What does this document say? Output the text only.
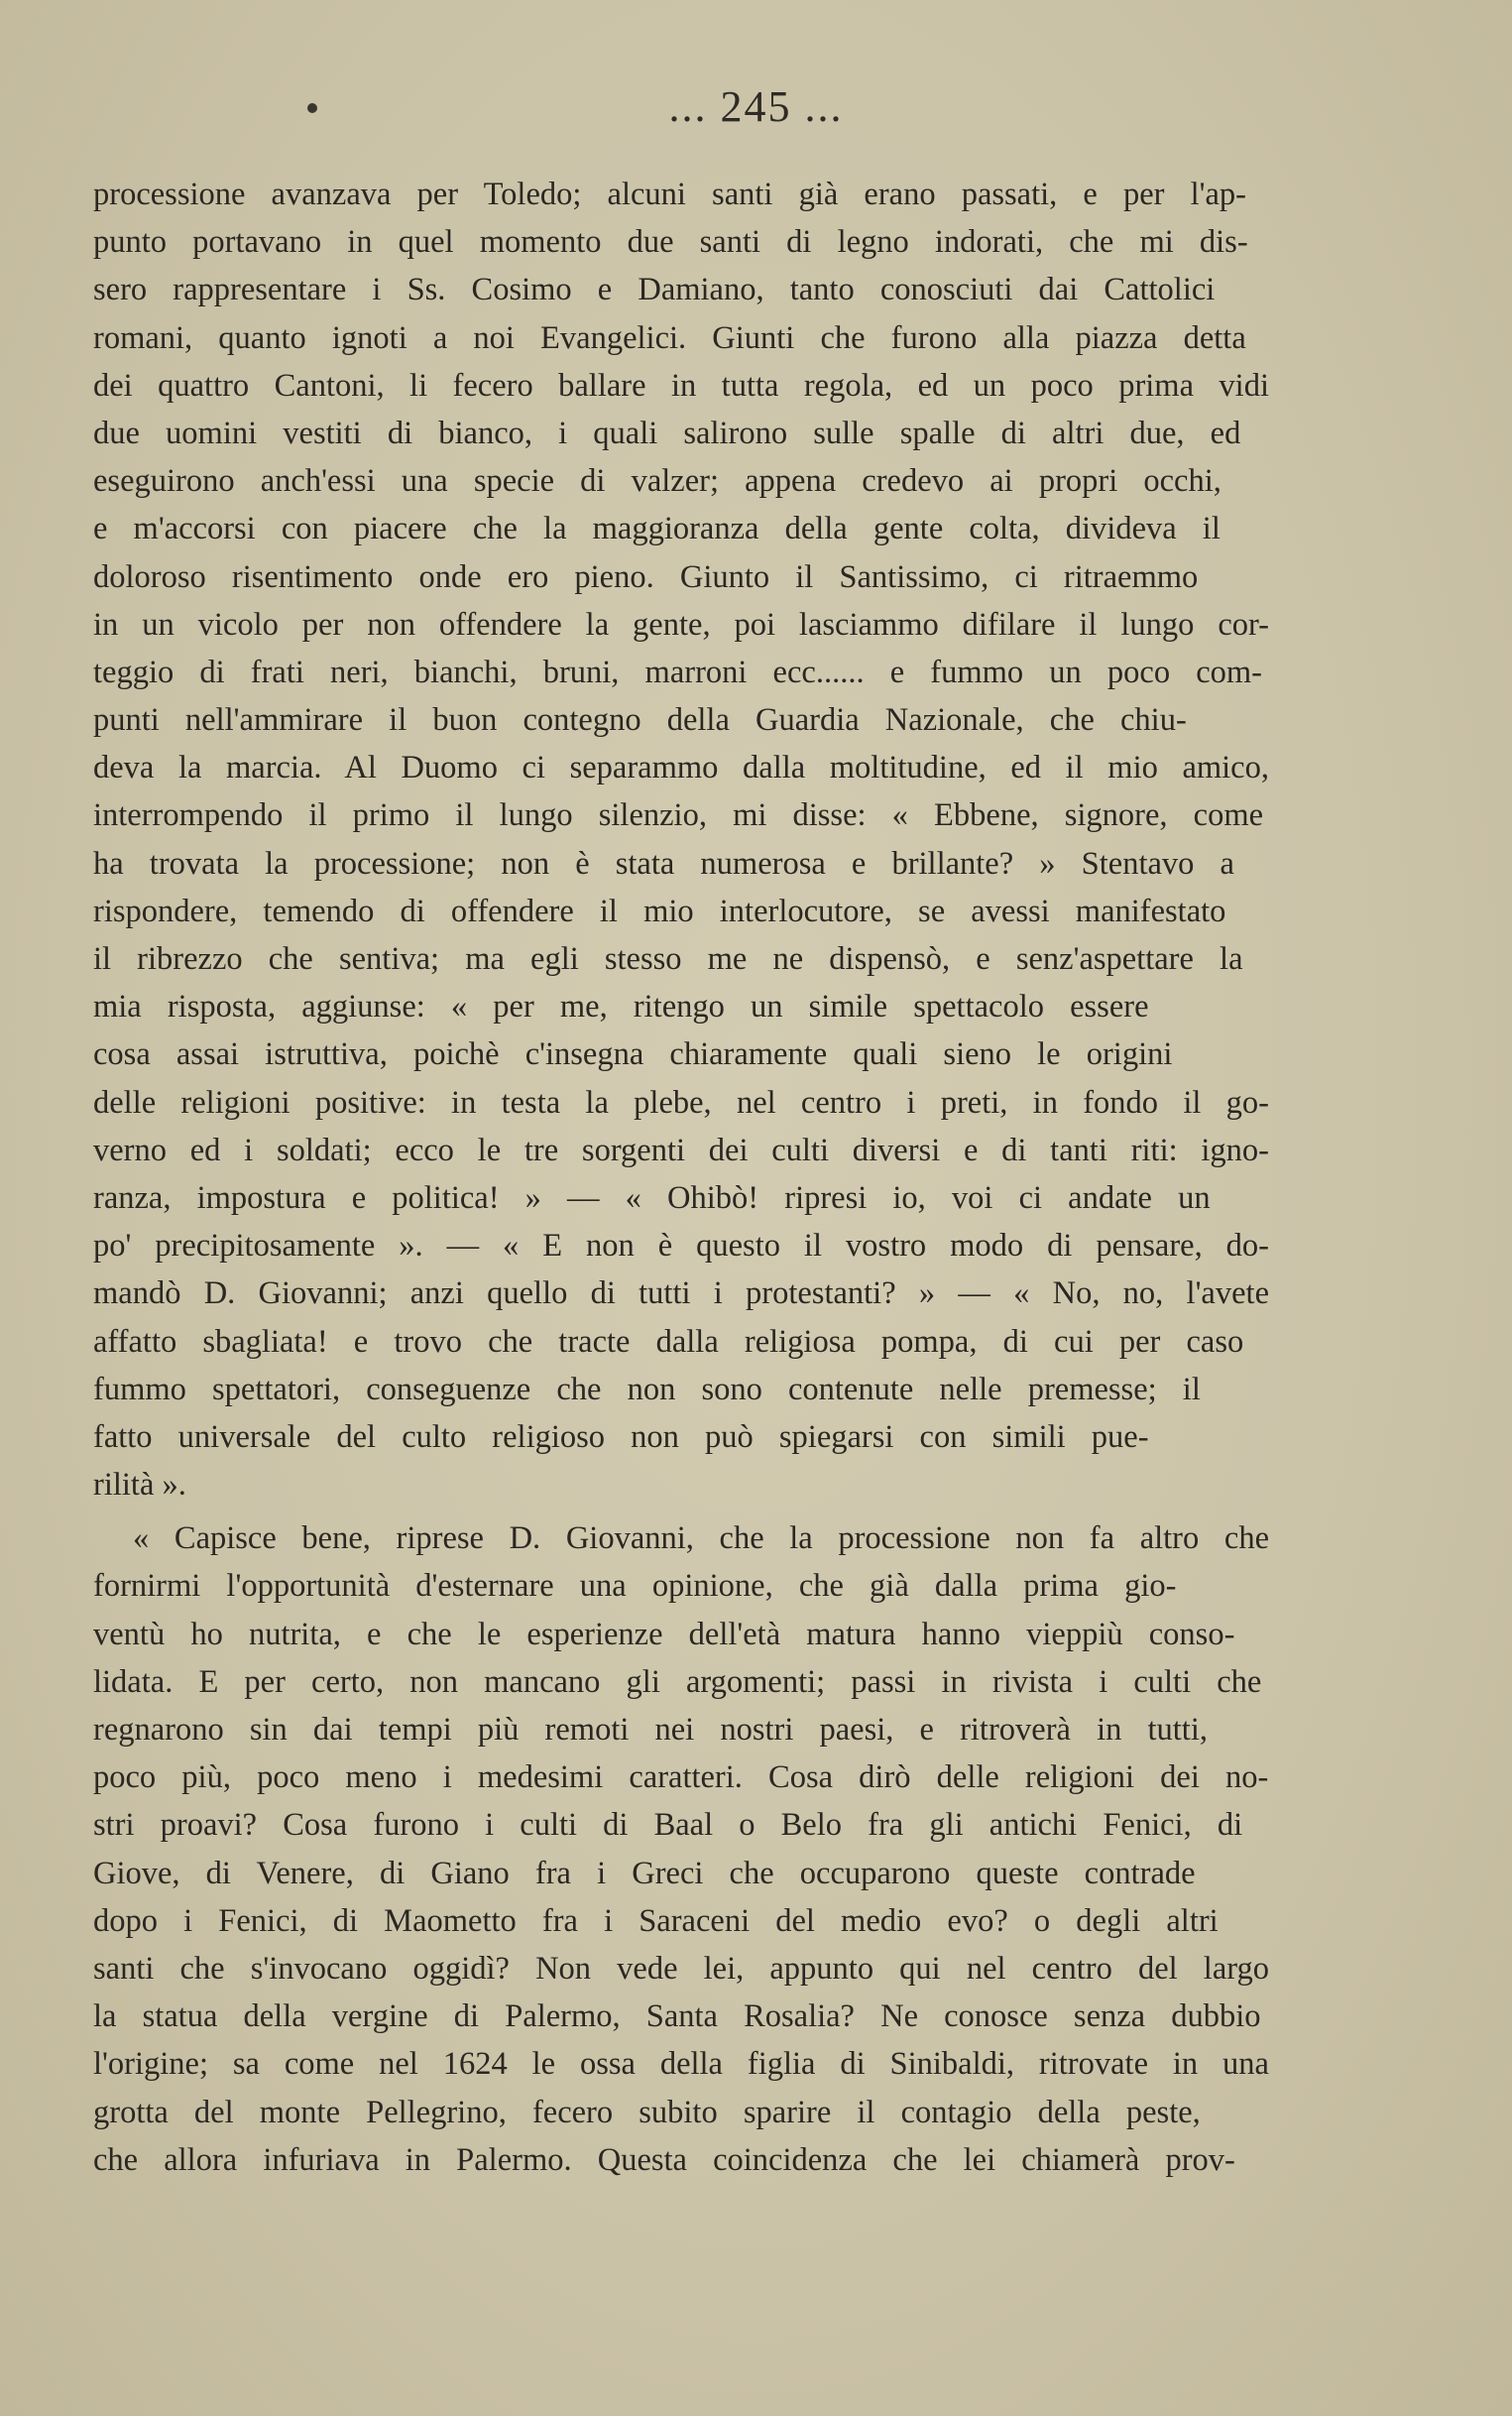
... 245 ...
processione avanzava per Toledo; alcuni santi già erano passati, e per l'ap-
punto portavano in quel momento due santi di legno indorati, che mi dis-
sero rappresentare i Ss. Cosimo e Damiano, tanto conosciuti dai Cattolici
romani, quanto ignoti a noi Evangelici. Giunti che furono alla piazza detta
dei quattro Cantoni, li fecero ballare in tutta regola, ed un poco prima vidi
due uomini vestiti di bianco, i quali salirono sulle spalle di altri due, ed
eseguirono anch'essi una specie di valzer; appena credevo ai propri occhi,
e m'accorsi con piacere che la maggioranza della gente colta, divideva il
doloroso risentimento onde ero pieno. Giunto il Santissimo, ci ritraemmo
in un vicolo per non offendere la gente, poi lasciammo difilare il lungo cor-
teggio di frati neri, bianchi, bruni, marroni ecc...... e fummo un poco com-
punti nell'ammirare il buon contegno della Guardia Nazionale, che chiu-
deva la marcia. Al Duomo ci separammo dalla moltitudine, ed il mio amico,
interrompendo il primo il lungo silenzio, mi disse: « Ebbene, signore, come
ha trovata la processione; non è stata numerosa e brillante? » Stentavo a
rispondere, temendo di offendere il mio interlocutore, se avessi manifestato
il ribrezzo che sentiva; ma egli stesso me ne dispensò, e senz'aspettare la
mia risposta, aggiunse: « per me, ritengo un simile spettacolo essere
cosa assai istruttiva, poichè c'insegna chiaramente quali sieno le origini
delle religioni positive: in testa la plebe, nel centro i preti, in fondo il go-
verno ed i soldati; ecco le tre sorgenti dei culti diversi e di tanti riti: igno-
ranza, impostura e politica! » — « Ohibò! ripresi io, voi ci andate un
po' precipitosamente ». — « E non è questo il vostro modo di pensare, do-
mandò D. Giovanni; anzi quello di tutti i protestanti? » — « No, no, l'avete
affatto sbagliata! e trovo che tracte dalla religiosa pompa, di cui per caso
fummo spettatori, conseguenze che non sono contenute nelle premesse; il
fatto universale del culto religioso non può spiegarsi con simili pue-
rilità ».
« Capisce bene, riprese D. Giovanni, che la processione non fa altro che
fornirmi l'opportunità d'esternare una opinione, che già dalla prima gio-
ventù ho nutrita, e che le esperienze dell'età matura hanno vieppiù conso-
lidata. E per certo, non mancano gli argomenti; passi in rivista i culti che
regnarono sin dai tempi più remoti nei nostri paesi, e ritroverà in tutti,
poco più, poco meno i medesimi caratteri. Cosa dirò delle religioni dei no-
stri proavi? Cosa furono i culti di Baal o Belo fra gli antichi Fenici, di
Giove, di Venere, di Giano fra i Greci che occuparono queste contrade
dopo i Fenici, di Maometto fra i Saraceni del medio evo? o degli altri
santi che s'invocano oggidì? Non vede lei, appunto qui nel centro del largo
la statua della vergine di Palermo, Santa Rosalia? Ne conosce senza dubbio
l'origine; sa come nel 1624 le ossa della figlia di Sinibaldi, ritrovate in una
grotta del monte Pellegrino, fecero subito sparire il contagio della peste,
che allora infuriava in Palermo. Questa coincidenza che lei chiamerà prov-
